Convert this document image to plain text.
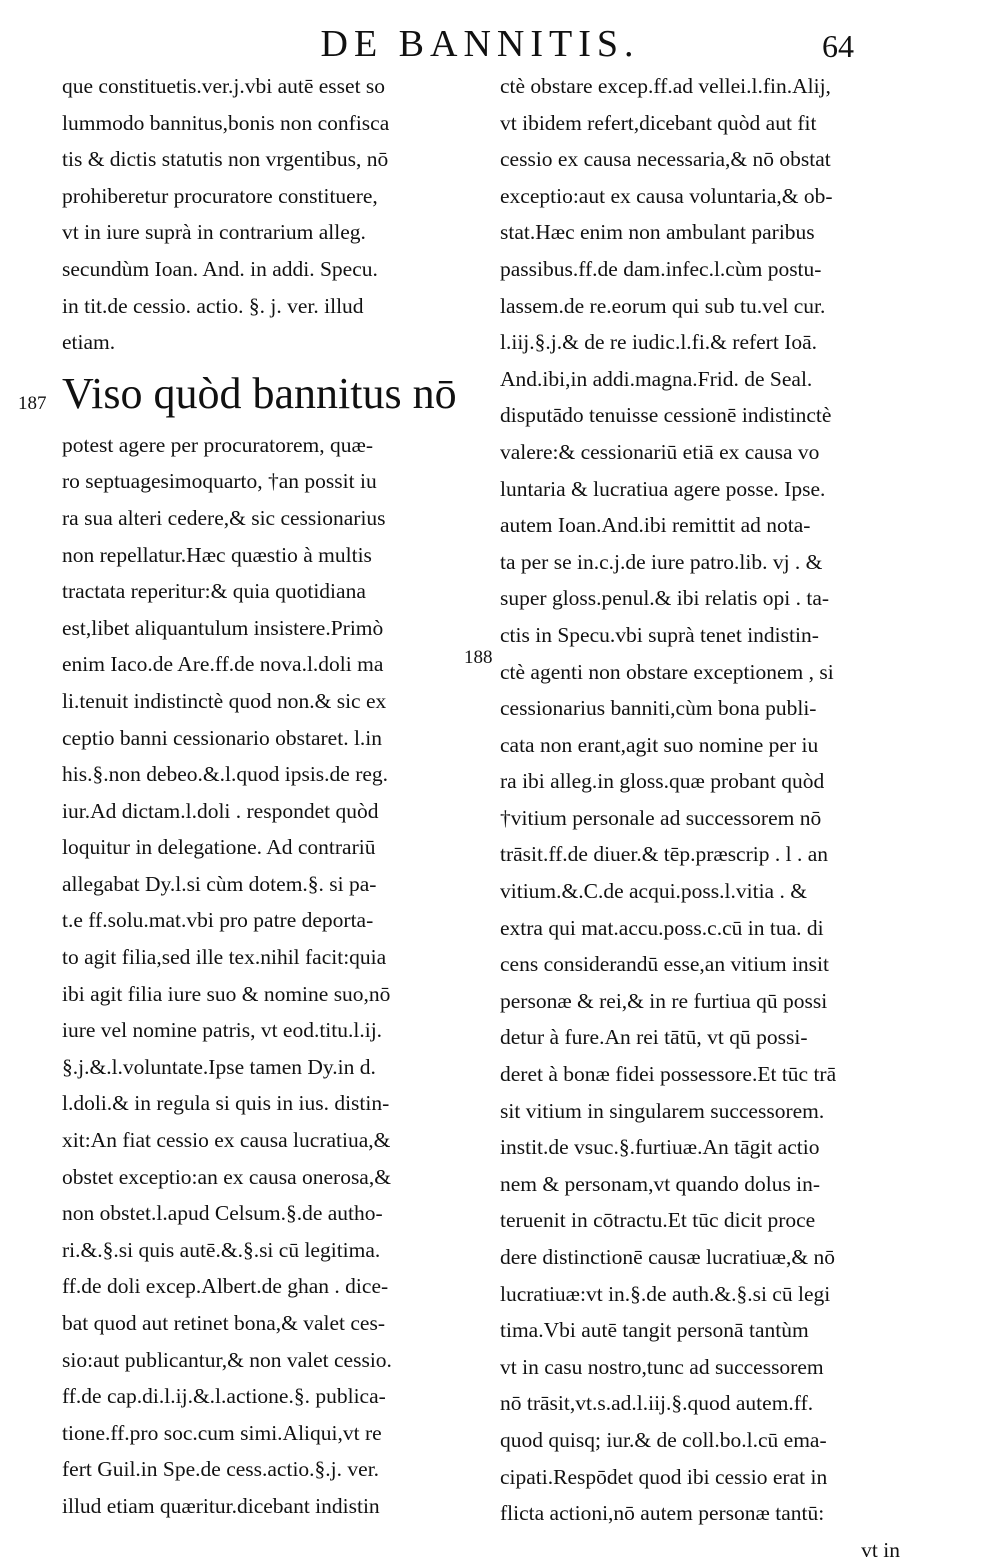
DE BANNITIS.	64
que constituetis.ver.j.vbi autē esset so
lummodo bannitus,bonis non confisca
tis & dictis statutis non vrgentibus, nō
prohiberetur procuratore constituere,
vt in iure suprà in contrarium alleg.
secundùm Ioan. And. in addi. Specu.
in tit.de cessio. actio. §. j. ver. illud
etiam.
Viso quòd bannitus nō
potest agere per procuratorem, quæ-
ro septuagesimoquarto, †an possit iu
ra sua alteri cedere,& sic cessionarius
non repellatur.Hæc quæstio à multis
tractata reperitur:& quia quotidiana
est,libet aliquantulum insistere.Primò
enim Iaco.de Are.ff.de nova.l.doli ma
li.tenuit indistinctè quod non.& sic ex
ceptio banni cessionario obstaret. l.in
his.§.non debeo.&.l.quod ipsis.de reg.
iur.Ad dictam.l.doli . respondet quòd
loquitur in delegatione. Ad contrariū
allegabat Dy.l.si cùm dotem.§. si pa-
t.e ff.solu.mat.vbi pro patre deporta-
to agit filia,sed ille tex.nihil facit:quia
ibi agit filia iure suo & nomine suo,nō
iure vel nomine patris, vt eod.titu.l.ij.
§.j.&.l.voluntate.Ipse tamen Dy.in d.
l.doli.& in regula si quis in ius. distin-
xit:An fiat cessio ex causa lucratiua,&
obstet exceptio:an ex causa onerosa,&
non obstet.l.apud Celsum.§.de autho-
ri.&.§.si quis autē.&.§.si cū legitima.
ff.de doli excep.Albert.de ghan . dice-
bat quod aut retinet bona,& valet ces-
sio:aut publicantur,& non valet cessio.
ff.de cap.di.l.ij.&.l.actione.§. publica-
tione.ff.pro soc.cum simi.Aliqui,vt re
fert Guil.in Spe.de cess.actio.§.j. ver.
illud etiam quæritur.dicebant indistin
187
ctè obstare excep.ff.ad vellei.l.fin.Alij,
vt ibidem refert,dicebant quòd aut fit
cessio ex causa necessaria,& nō obstat
exceptio:aut ex causa voluntaria,& ob-
stat.Hæc enim non ambulant paribus
passibus.ff.de dam.infec.l.cùm postu-
lassem.de re.eorum qui sub tu.vel cur.
l.iij.§.j.& de re iudic.l.fi.& refert Ioā.
And.ibi,in addi.magna.Frid. de Seal.
disputādo tenuisse cessionē indistinctè
valere:& cessionariū etiā ex causa vo
luntaria & lucratiua agere posse. Ipse.
autem Ioan.And.ibi remittit ad nota-
ta per se in.c.j.de iure patro.lib. vj . &
super gloss.penul.& ibi relatis opi . ta-
ctis in Specu.vbi suprà tenet indistin-
ctè agenti non obstare exceptionem , si
cessionarius banniti,cùm bona publi-
cata non erant,agit suo nomine per iu
ra ibi alleg.in gloss.quæ probant quòd
†vitium personale ad successorem nō
trāsit.ff.de diuer.& tēp.præscrip . l . an
vitium.&.C.de acqui.poss.l.vitia . &
extra qui mat.accu.poss.c.cū in tua. di
cens considerandū esse,an vitium insit
personæ & rei,& in re furtiua qū possi
detur à fure.An rei tātū, vt qū possi-
deret à bonæ fidei possessore.Et tūc trā
sit vitium in singularem successorem.
instit.de vsuc.§.furtiuæ.An tāgit actio
nem & personam,vt quando dolus in-
teruenit in cōtractu.Et tūc dicit proce
dere distinctionē causæ lucratiuæ,& nō
lucratiuæ:vt in.§.de auth.&.§.si cū legi
tima.Vbi autē tangit personā tantùm
vt in casu nostro,tunc ad successorem
nō trāsit,vt.s.ad.l.iij.§.quod autem.ff.
quod quisq; iur.& de coll.bo.l.cū ema-
cipati.Respōdet quod ibi cessio erat in
flicta actioni,nō autem personæ tantū:
vt in
188
